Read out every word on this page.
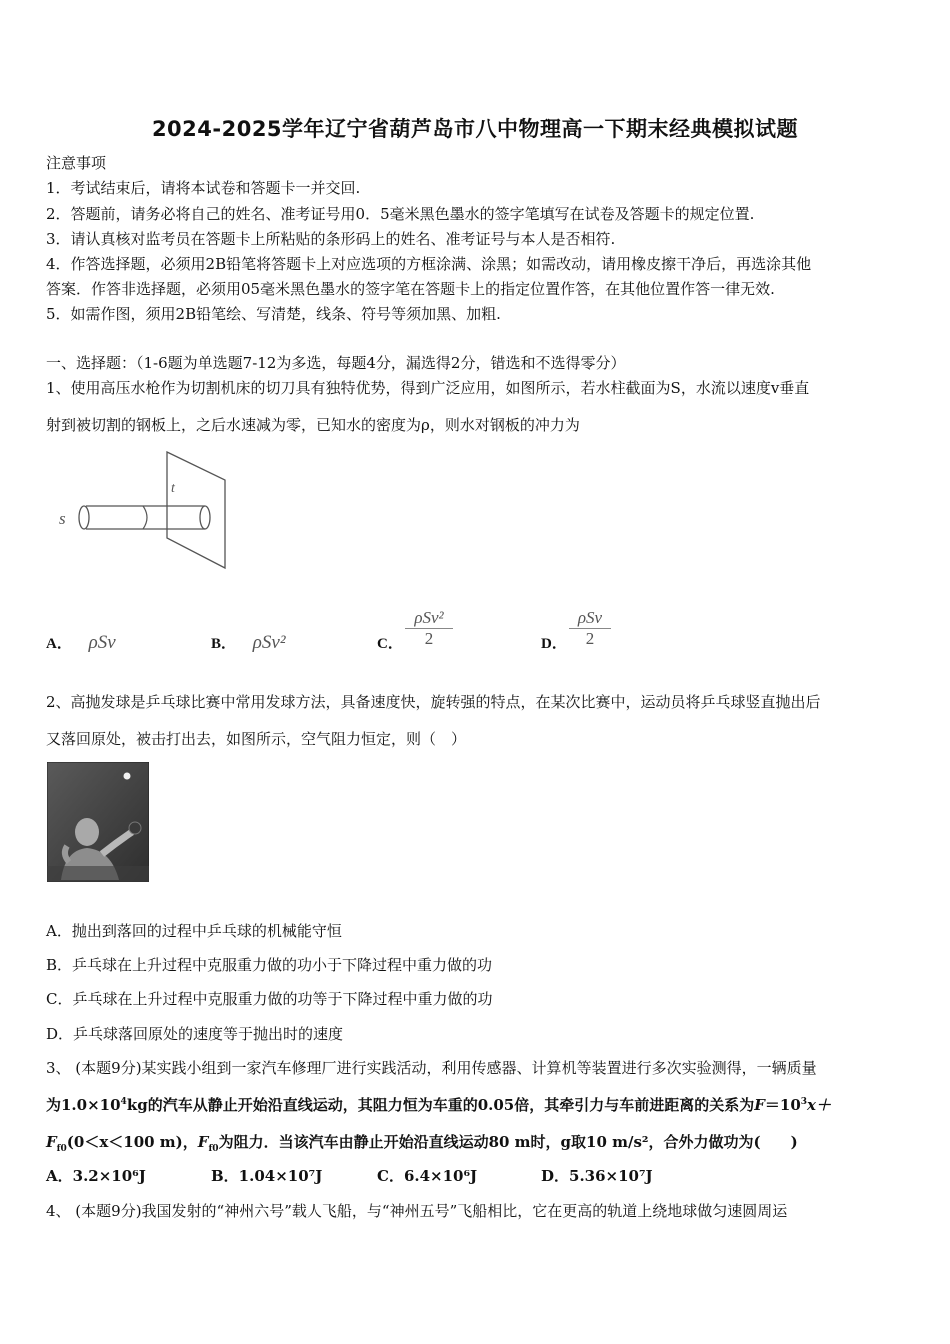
2024-2025学年辽宁省葫芦岛市八中物理高一下期末经典模拟试题
注意事项
1．考试结束后，请将本试卷和答题卡一并交回.
2．答题前，请务必将自己的姓名、准考证号用0．5毫米黑色墨水的签字笔填写在试卷及答题卡的规定位置.
3．请认真核对监考员在答题卡上所粘贴的条形码上的姓名、准考证号与本人是否相符.
4．作答选择题，必须用2B铅笔将答题卡上对应选项的方框涂满、涂黑；如需改动，请用橡皮擦干净后，再选涂其他
答案．作答非选择题，必须用05毫米黑色墨水的签字笔在答题卡上的指定位置作答，在其他位置作答一律无效.
5．如需作图，须用2B铅笔绘、写清楚，线条、符号等须加黑、加粗.
一、选择题：（1-6题为单选题7-12为多选，每题4分，漏选得2分，错选和不选得零分）
1、使用高压水枪作为切割机床的切刀具有独特优势，得到广泛应用，如图所示，若水柱截面为S，水流以速度v垂直
射到被切割的钢板上，之后水速减为零，已知水的密度为ρ，则水对钢板的冲力为
s
t
A． ρSv	B． ρSv²	C．
ρSv²
2	D．
ρSv
2
2、高抛发球是乒乓球比赛中常用发球方法，具备速度快，旋转强的特点，在某次比赛中，运动员将乒乓球竖直抛出后
又落回原处，被击打出去，如图所示，空气阻力恒定，则（　）
A．抛出到落回的过程中乒乓球的机械能守恒
B．乒乓球在上升过程中克服重力做的功小于下降过程中重力做的功
C．乒乓球在上升过程中克服重力做的功等于下降过程中重力做的功
D．乒乓球落回原处的速度等于抛出时的速度
3、 (本题9分)某实践小组到一家汽车修理厂进行实践活动，利用传感器、计算机等装置进行多次实验测得，一辆质量
为$1.0\times 10^4kg$的汽车从静止开始沿直线运动，其阻力恒为车重的0.05倍，其牵引力与车前进距离的关系为$F=10^3x+$
$F_{f0}(0<x<100$ m)，$F_{f0}$为阻力．当该汽车由静止开始沿直线运动80 m时，g取10 m/s²，合外力做功为(　　)
A．3.2×10⁶J	B．1.04×10⁷J	C．6.4×10⁶J	D．5.36×10⁷J
4、 (本题9分)我国发射的“神州六号”载人飞船，与“神州五号”飞船相比，它在更高的轨道上绕地球做匀速圆周运
